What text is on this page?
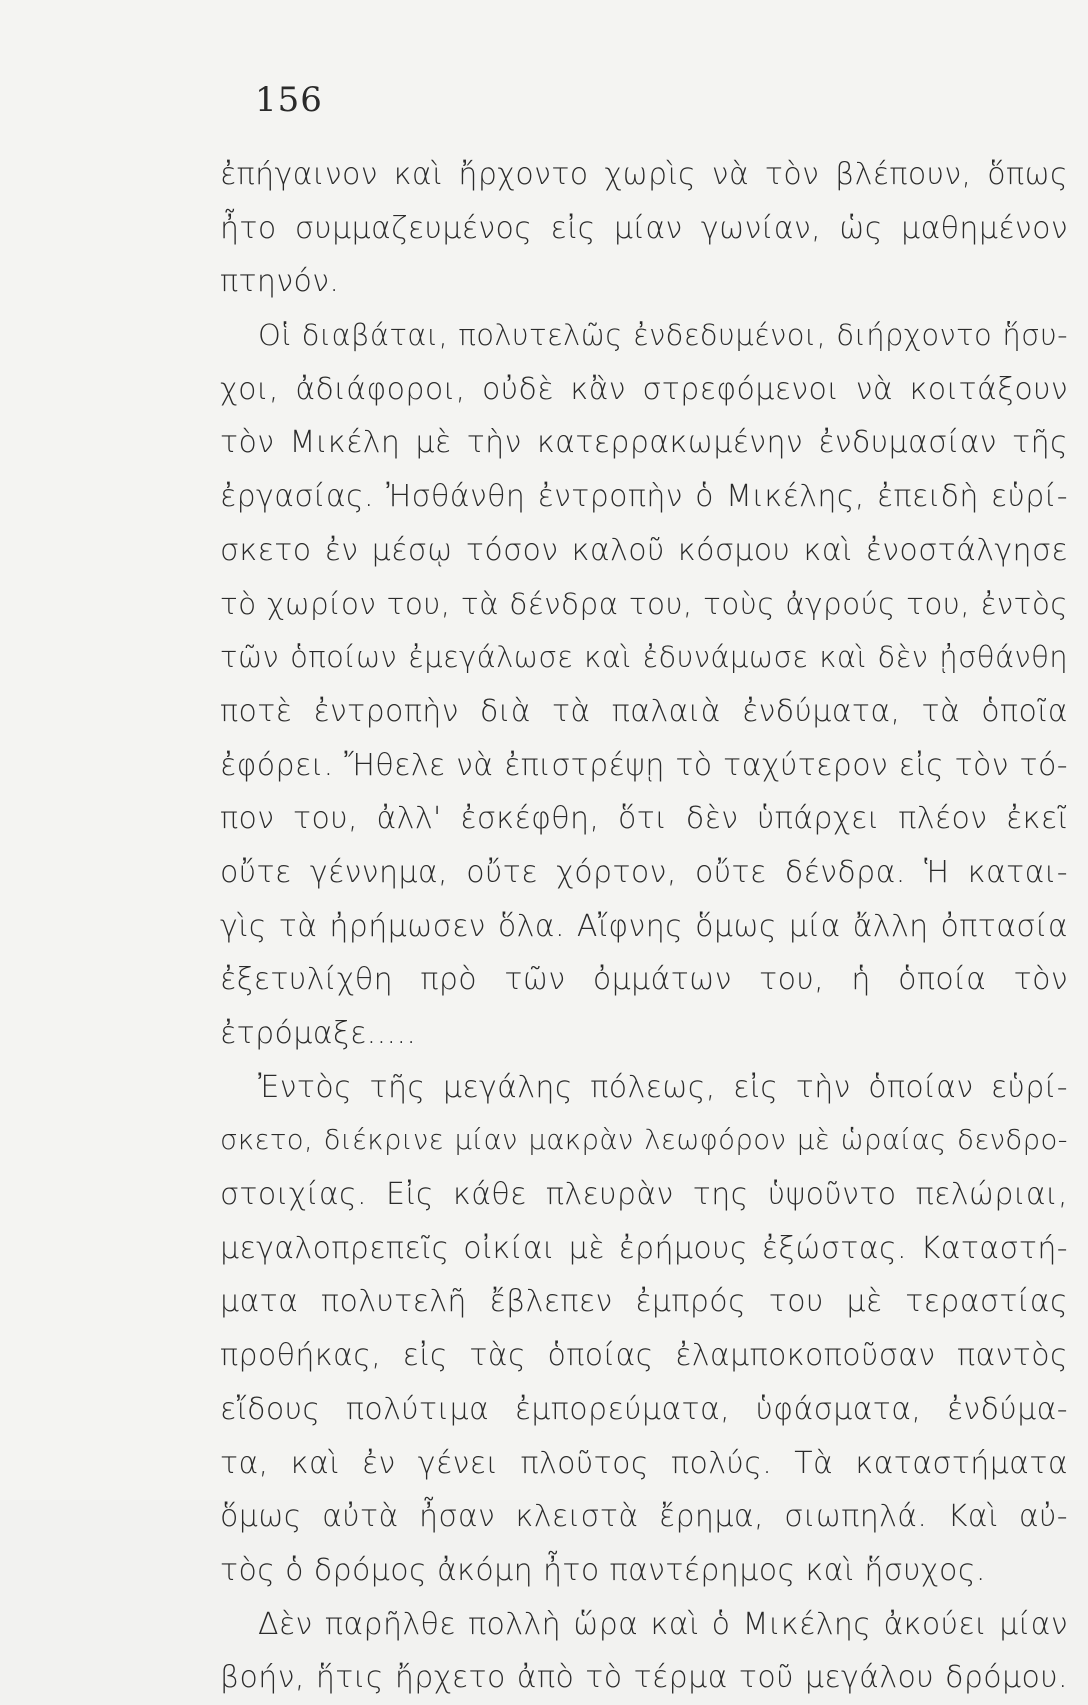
156
ἐπήγαινον καὶ ἤρχοντο χωρὶς νὰ τὸν βλέπουν, ὅπως
ἦτο συμμαζευμένος εἰς μίαν γωνίαν, ὡς μαθημένον
πτηνόν.
Οἱ διαβάται, πολυτελῶς ἐνδεδυμένοι, διήρχοντο ἥσυ-
χοι, ἀδιάφοροι, οὐδὲ κἂν στρεφόμενοι νὰ κοιτάξουν
τὸν Μικέλη μὲ τὴν κατερρακωμένην ἐνδυμασίαν τῆς
ἐργασίας. Ἠσθάνθη ἐντροπὴν ὁ Μικέλης, ἐπειδὴ εὑρί-
σκετο ἐν μέσῳ τόσον καλοῦ κόσμου καὶ ἐνοστάλγησε
τὸ χωρίον του, τὰ δένδρα του, τοὺς ἀγρούς του, ἐντὸς
τῶν ὁποίων ἐμεγάλωσε καὶ ἐδυνάμωσε καὶ δὲν ᾐσθάνθη
ποτὲ ἐντροπὴν διὰ τὰ παλαιὰ ἐνδύματα, τὰ ὁποῖα
ἐφόρει. Ἤθελε νὰ ἐπιστρέψῃ τὸ ταχύτερον εἰς τὸν τό-
πον του, ἀλλ' ἐσκέφθη, ὅτι δὲν ὑπάρχει πλέον ἐκεῖ
οὔτε γέννημα, οὔτε χόρτον, οὔτε δένδρα. Ἡ καται-
γὶς τὰ ἠρήμωσεν ὅλα. Αἴφνης ὅμως μία ἄλλη ὀπτασία
ἐξετυλίχθη πρὸ τῶν ὀμμάτων του, ἡ ὁποία τὸν
ἐτρόμαξε.....
Ἐντὸς τῆς μεγάλης πόλεως, εἰς τὴν ὁποίαν εὑρί-
σκετο, διέκρινε μίαν μακρὰν λεωφόρον μὲ ὡραίας δενδρο-
στοιχίας. Εἰς κάθε πλευρὰν της ὑψοῦντο πελώριαι,
μεγαλοπρεπεῖς οἰκίαι μὲ ἐρήμους ἐξώστας. Καταστή-
ματα πολυτελῆ ἔβλεπεν ἐμπρός του μὲ τεραστίας
προθήκας, εἰς τὰς ὁποίας ἐλαμποκοποῦσαν παντὸς
εἴδους πολύτιμα ἐμπορεύματα, ὑφάσματα, ἐνδύμα-
τα, καὶ ἐν γένει πλοῦτος πολύς. Τὰ καταστήματα
ὅμως αὐτὰ ἦσαν κλειστὰ ἔρημα, σιωπηλά. Καὶ αὐ-
τὸς ὁ δρόμος ἀκόμη ἦτο παντέρημος καὶ ἥσυχος.
Δὲν παρῆλθε πολλὴ ὥρα καὶ ὁ Μικέλης ἀκούει μίαν
βοήν, ἥτις ἤρχετο ἀπὸ τὸ τέρμα τοῦ μεγάλου δρόμου.
